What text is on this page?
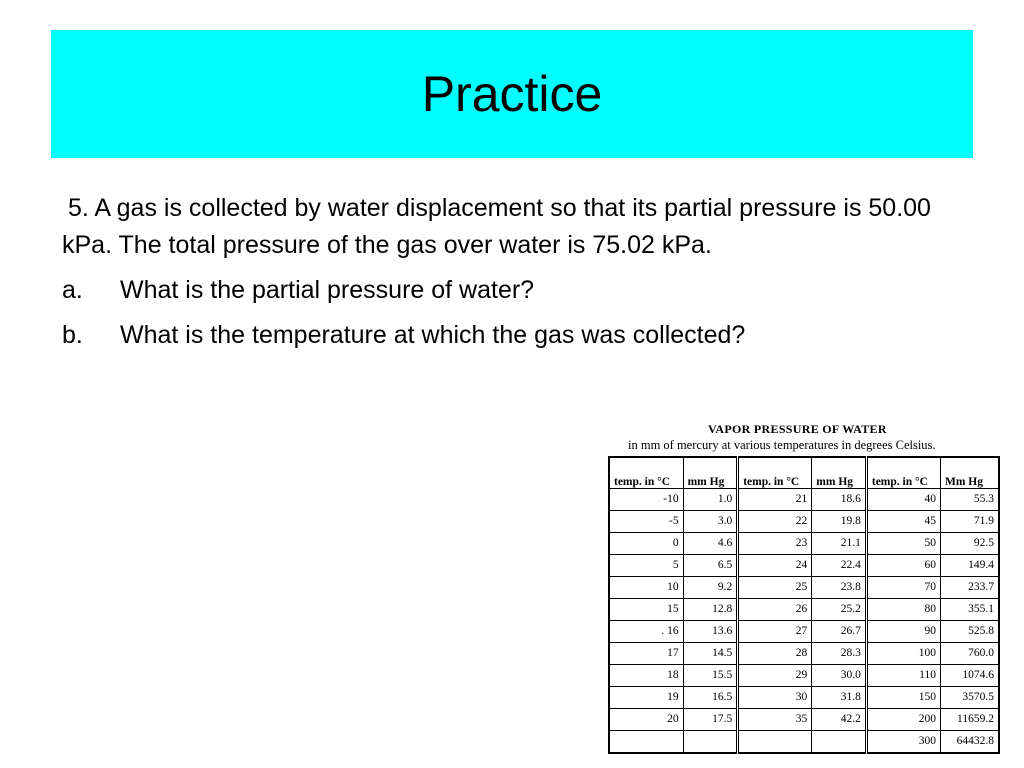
Practice

5. A gas is collected by water displacement so that its partial pressure is 50.00 kPa. The total pressure of the gas over water is 75.02 kPa.

a.	What is the partial pressure of water?
b.	What is the temperature at which the gas was collected?
VAPOR PRESSURE OF WATER
in mm of mercury at various temperatures in degrees Celsius.
temp. in °C	mm Hg	temp. in °C	mm Hg	temp. in °C	Mm Hg
-10	1.0	21	18.6	40	55.3
-5	3.0	22	19.8	45	71.9
0	4.6	23	21.1	50	92.5
5	6.5	24	22.4	60	149.4
10	9.2	25	23.8	70	233.7
15	12.8	26	25.2	80	355.1
. 16	13.6	27	26.7	90	525.8
17	14.5	28	28.3	100	760.0
18	15.5	29	30.0	110	1074.6
19	16.5	30	31.8	150	3570.5
20	17.5	35	42.2	200	11659.2
				300	64432.8
